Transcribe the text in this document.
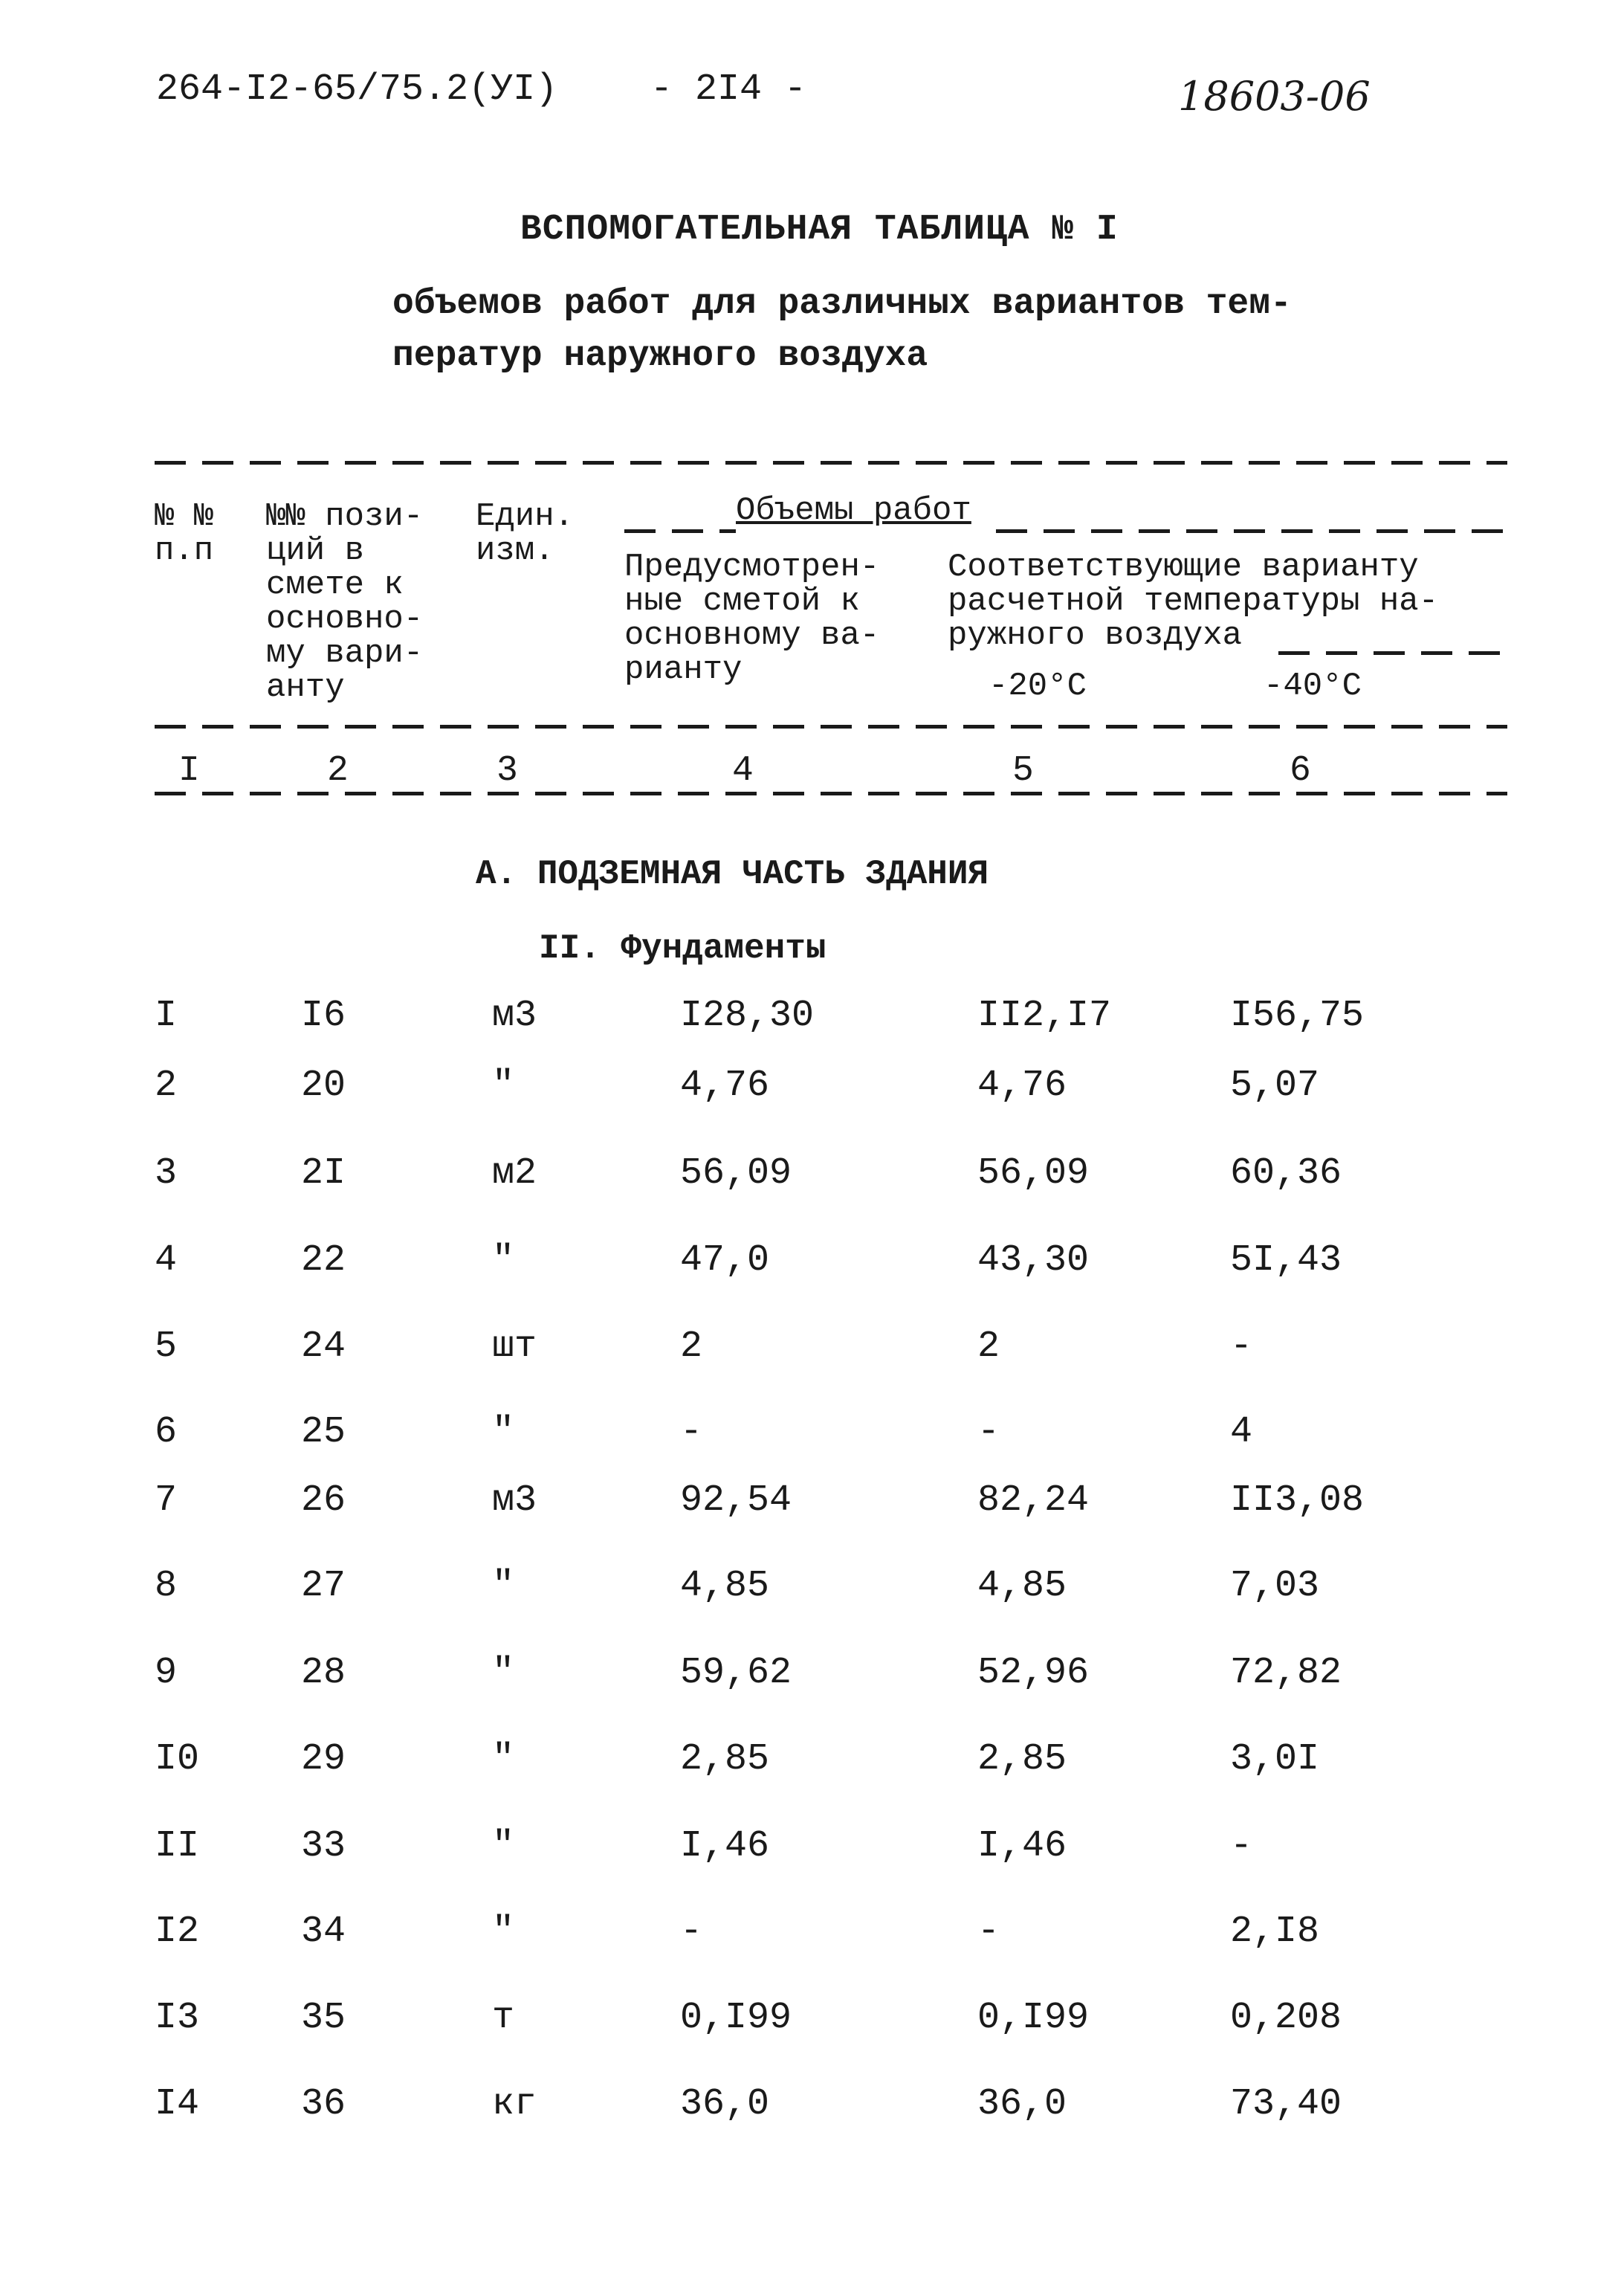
264-I2-65/75.2(УI) - 2I4 -	18603-06
ВСПОМОГАТЕЛЬНАЯ ТАБЛИЦА № I
объемов работ для различных вариантов тем-
ператур наружного воздуха
№ №
п.п
№№ пози-
ций в
смете к
основно-
му вари-
анту
Един.
изм.
Объемы работ
Предусмотрен-
ные сметой к
основному ва-
рианту
Соответствующие варианту
расчетной температуры на-
ружного воздуха
-20°C	-40°C
I	2	3	4	5	6
А. ПОДЗЕМНАЯ ЧАСТЬ ЗДАНИЯ
II. Фундаменты
I	I6	м3	I28,30	II2,I7	I56,75
2	20	"	4,76	4,76	5,07
3	2I	м2	56,09	56,09	60,36
4	22	"	47,0	43,30	5I,43
5	24	шт	2	2	-
6	25	"	-	-	4
7	26	м3	92,54	82,24	II3,08
8	27	"	4,85	4,85	7,03
9	28	"	59,62	52,96	72,82
I0	29	"	2,85	2,85	3,0I
II	33	"	I,46	I,46	-
I2	34	"	-	-	2,I8
I3	35	т	0,I99	0,I99	0,208
I4	36	кг	36,0	36,0	73,40
